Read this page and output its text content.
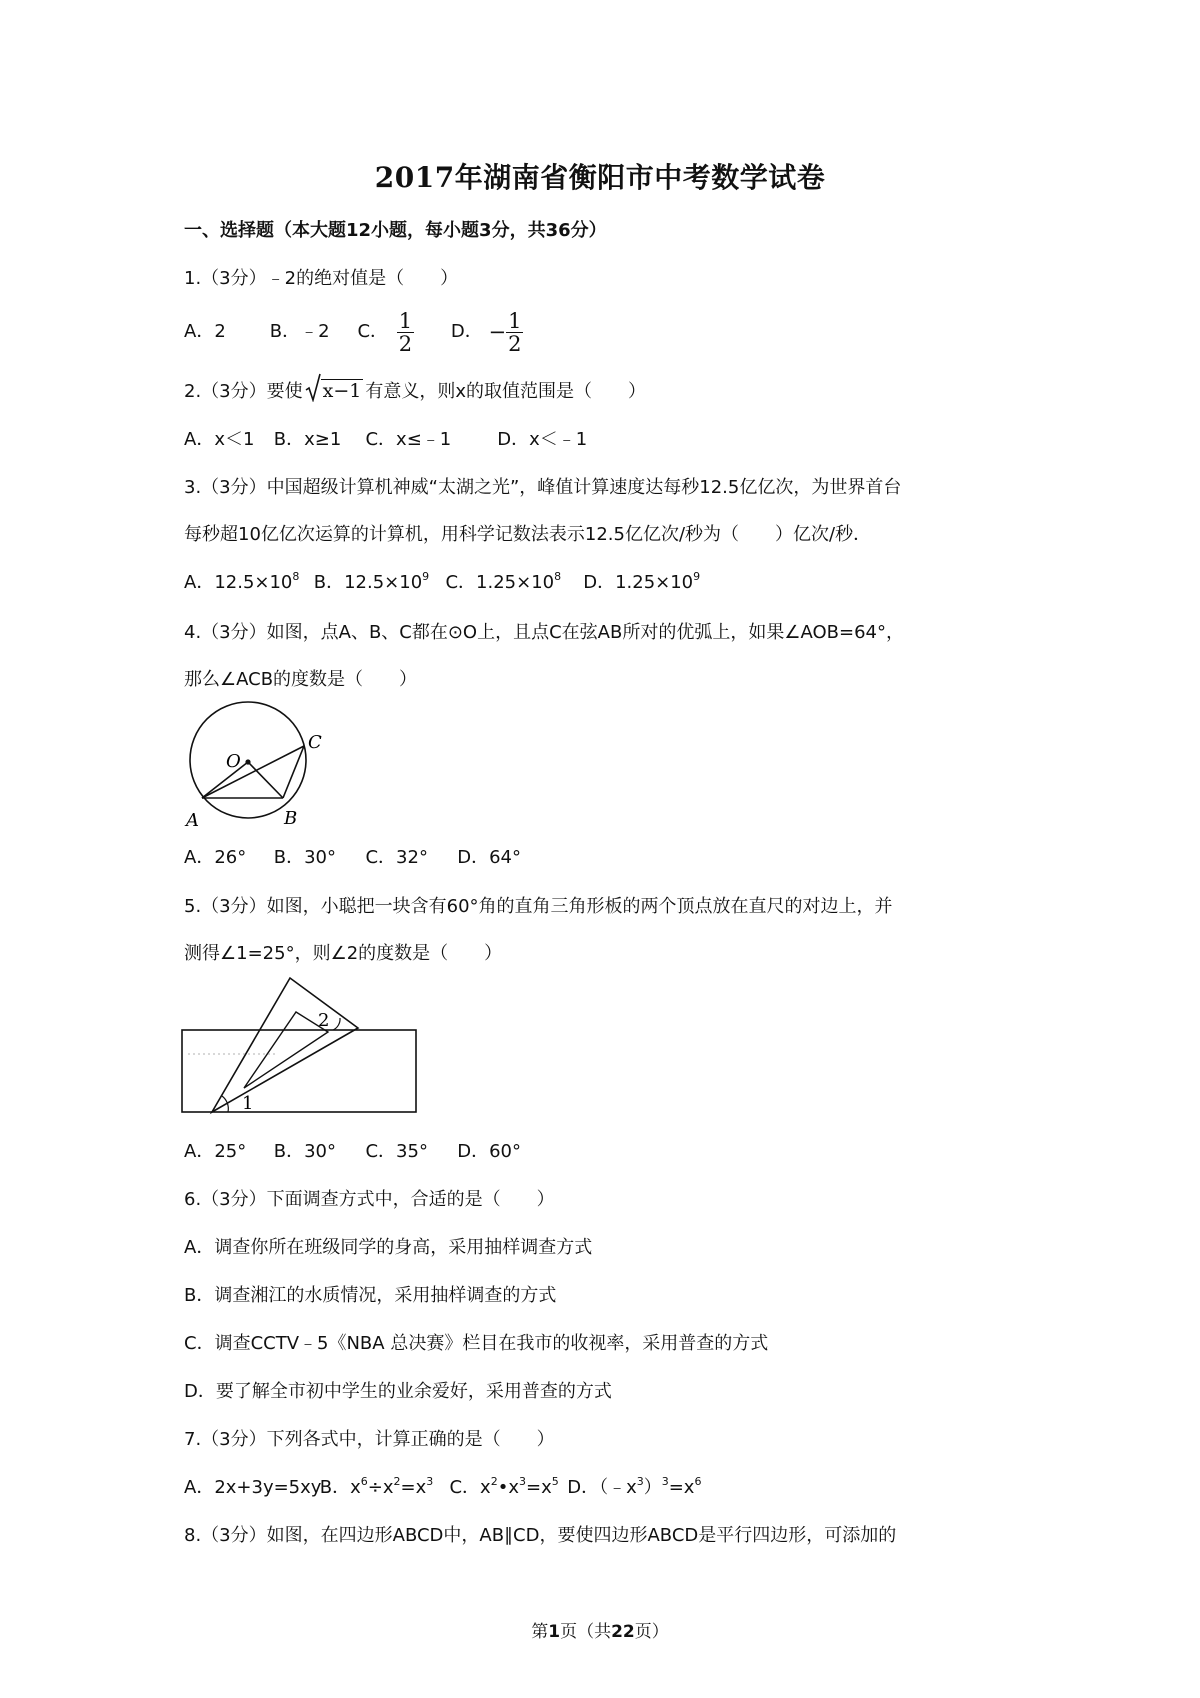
2017年湖南省衡阳市中考数学试卷
一、选择题（本大题12小题，每小题3分，共36分）
1.（3分）﹣2的绝对值是（　　）
A．2 B．﹣2 C． $\frac{1}{2}$ D． − $\frac{1}{2}$
2.（3分）要使 x−1 有意义，则x的取值范围是（　　）
A．x＜1 B．x≥1 C．x≤﹣1	D．x＜﹣1
3.（3分）中国超级计算机神威“太湖之光”，峰值计算速度达每秒12.5亿亿次，为世界首台
每秒超10亿亿次运算的计算机，用科学记数法表示12.5亿亿次/秒为（　　）亿次/秒．
A．$12.5\times 10^8$ B．$12.5\times 10^9$ C．$1.25\times 10^8$ D．$1.25\times 10^9$
4.（3分）如图，点A、B、C都在⊙O上，且点C在弦AB所对的优弧上，如果∠AOB=64°，
那么∠ACB的度数是（　　）
O
C
A	B
A．26° B．30° C．32° D．64°
5.（3分）如图，小聪把一块含有60°角的直角三角形板的两个顶点放在直尺的对边上，并
测得∠1=25°，则∠2的度数是（　　）
1
2
A．25° B．30° C．35° D．60°
6.（3分）下面调查方式中，合适的是（　　）
A．调查你所在班级同学的身高，采用抽样调查方式
B．调查湘江的水质情况，采用抽样调查的方式
C．调查CCTV﹣5《NBA 总决赛》栏目在我市的收视率，采用普查的方式
D．要了解全市初中学生的业余爱好，采用普查的方式
7.（3分）下列各式中，计算正确的是（　　）
A．2x+3y=5xy B．$x^6\div x^2=x^3$ C．$x^2•x^3=x^5$ D．$(﹣x^3)^3=x^6$
8.（3分）如图，在四边形ABCD中，AB∥CD，要使四边形ABCD是平行四边形，可添加的
第1页（共22页）
